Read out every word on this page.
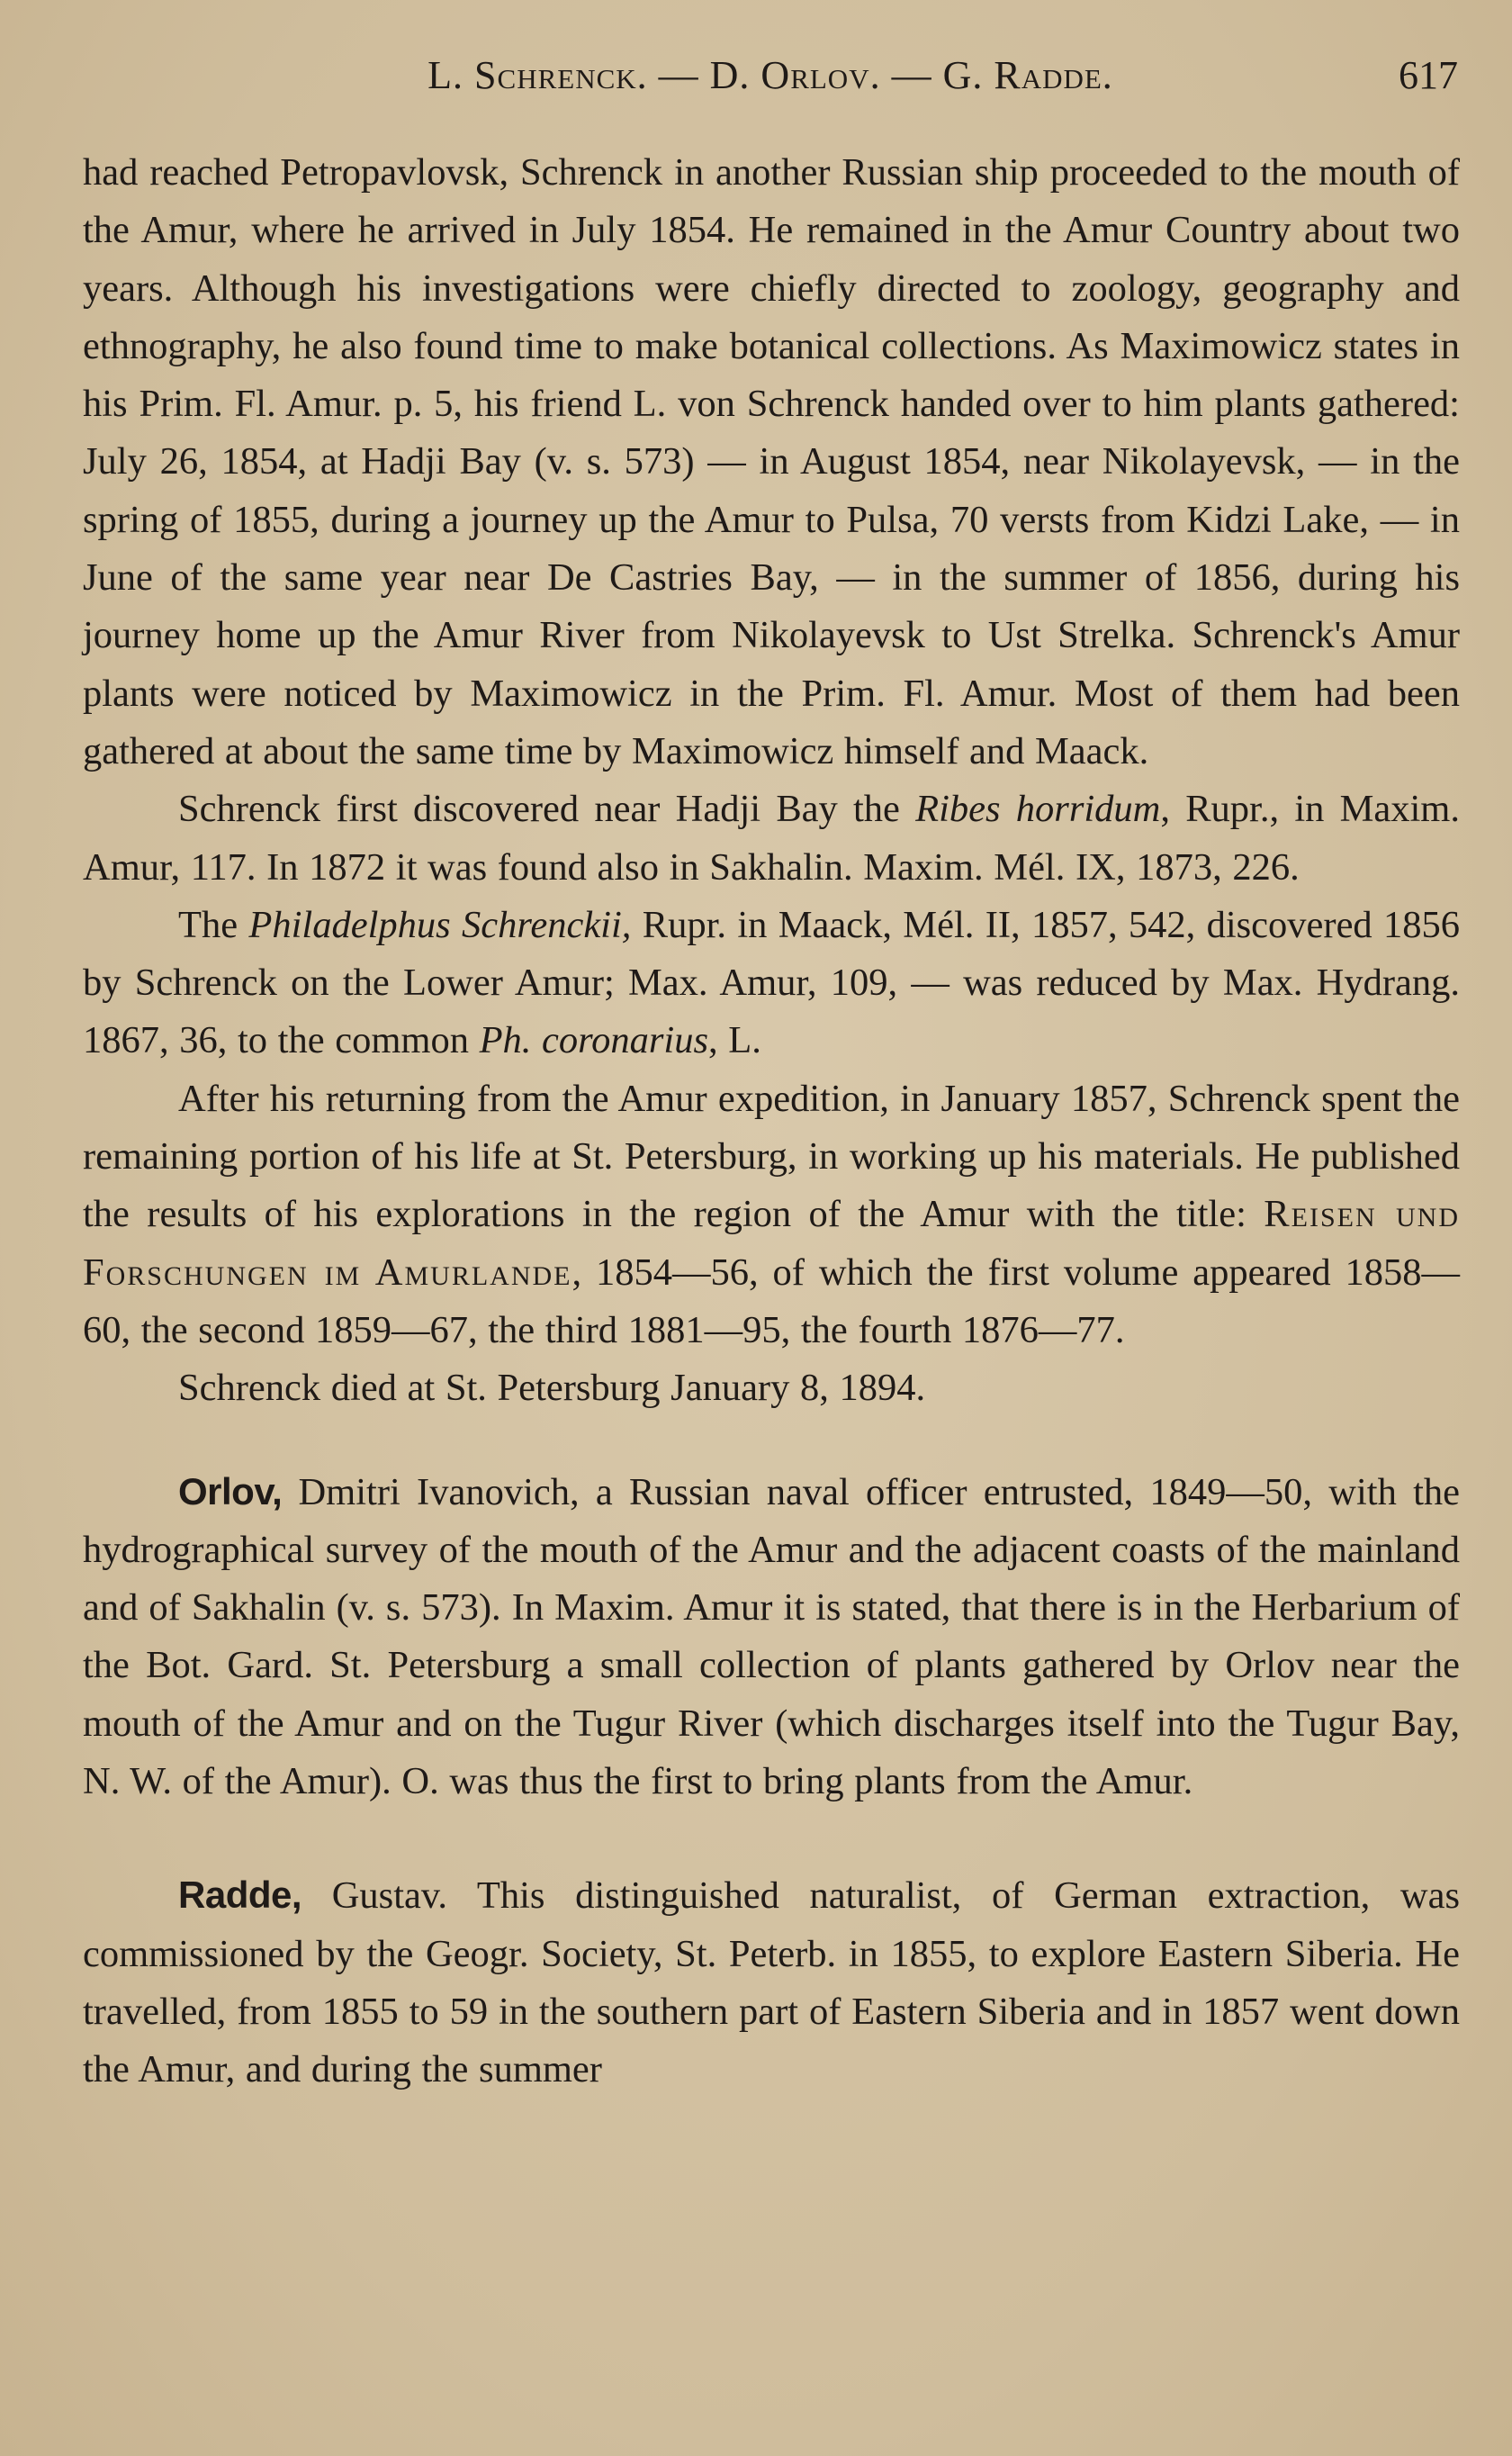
L. Schrenck. — D. Orlov. — G. Radde.	617

had reached Petropavlovsk, Schrenck in another Russian ship proceeded to the mouth of the Amur, where he arrived in July 1854. He remained in the Amur Country about two years. Although his investigations were chiefly directed to zoology, geography and ethnography, he also found time to make botanical collections. As Maximowicz states in his Prim. Fl. Amur. p. 5, his friend L. von Schrenck handed over to him plants gathered: July 26, 1854, at Hadji Bay (v. s. 573) — in August 1854, near Nikolayevsk, — in the spring of 1855, during a journey up the Amur to Pulsa, 70 versts from Kidzi Lake, — in June of the same year near De Castries Bay, — in the summer of 1856, during his journey home up the Amur River from Nikolayevsk to Ust Strelka. Schrenck's Amur plants were noticed by Maximowicz in the Prim. Fl. Amur. Most of them had been gathered at about the same time by Maximowicz himself and Maack.

Schrenck first discovered near Hadji Bay the Ribes horridum, Rupr., in Maxim. Amur, 117. In 1872 it was found also in Sakhalin. Maxim. Mél. IX, 1873, 226.

The Philadelphus Schrenckii, Rupr. in Maack, Mél. II, 1857, 542, discovered 1856 by Schrenck on the Lower Amur; Max. Amur, 109, — was reduced by Max. Hydrang. 1867, 36, to the common Ph. coronarius, L.

After his returning from the Amur expedition, in January 1857, Schrenck spent the remaining portion of his life at St. Petersburg, in working up his materials. He published the results of his explorations in the region of the Amur with the title: Reisen und Forschungen im Amurlande, 1854—56, of which the first volume appeared 1858—60, the second 1859—67, the third 1881—95, the fourth 1876—77.

Schrenck died at St. Petersburg January 8, 1894.

Orlov, Dmitri Ivanovich, a Russian naval officer entrusted, 1849—50, with the hydrographical survey of the mouth of the Amur and the adjacent coasts of the mainland and of Sakhalin (v. s. 573). In Maxim. Amur it is stated, that there is in the Herbarium of the Bot. Gard. St. Petersburg a small collection of plants gathered by Orlov near the mouth of the Amur and on the Tugur River (which discharges itself into the Tugur Bay, N. W. of the Amur). O. was thus the first to bring plants from the Amur.

Radde, Gustav. This distinguished naturalist, of German extraction, was commissioned by the Geogr. Society, St. Peterb. in 1855, to explore Eastern Siberia. He travelled, from 1855 to 59 in the southern part of Eastern Siberia and in 1857 went down the Amur, and during the summer
